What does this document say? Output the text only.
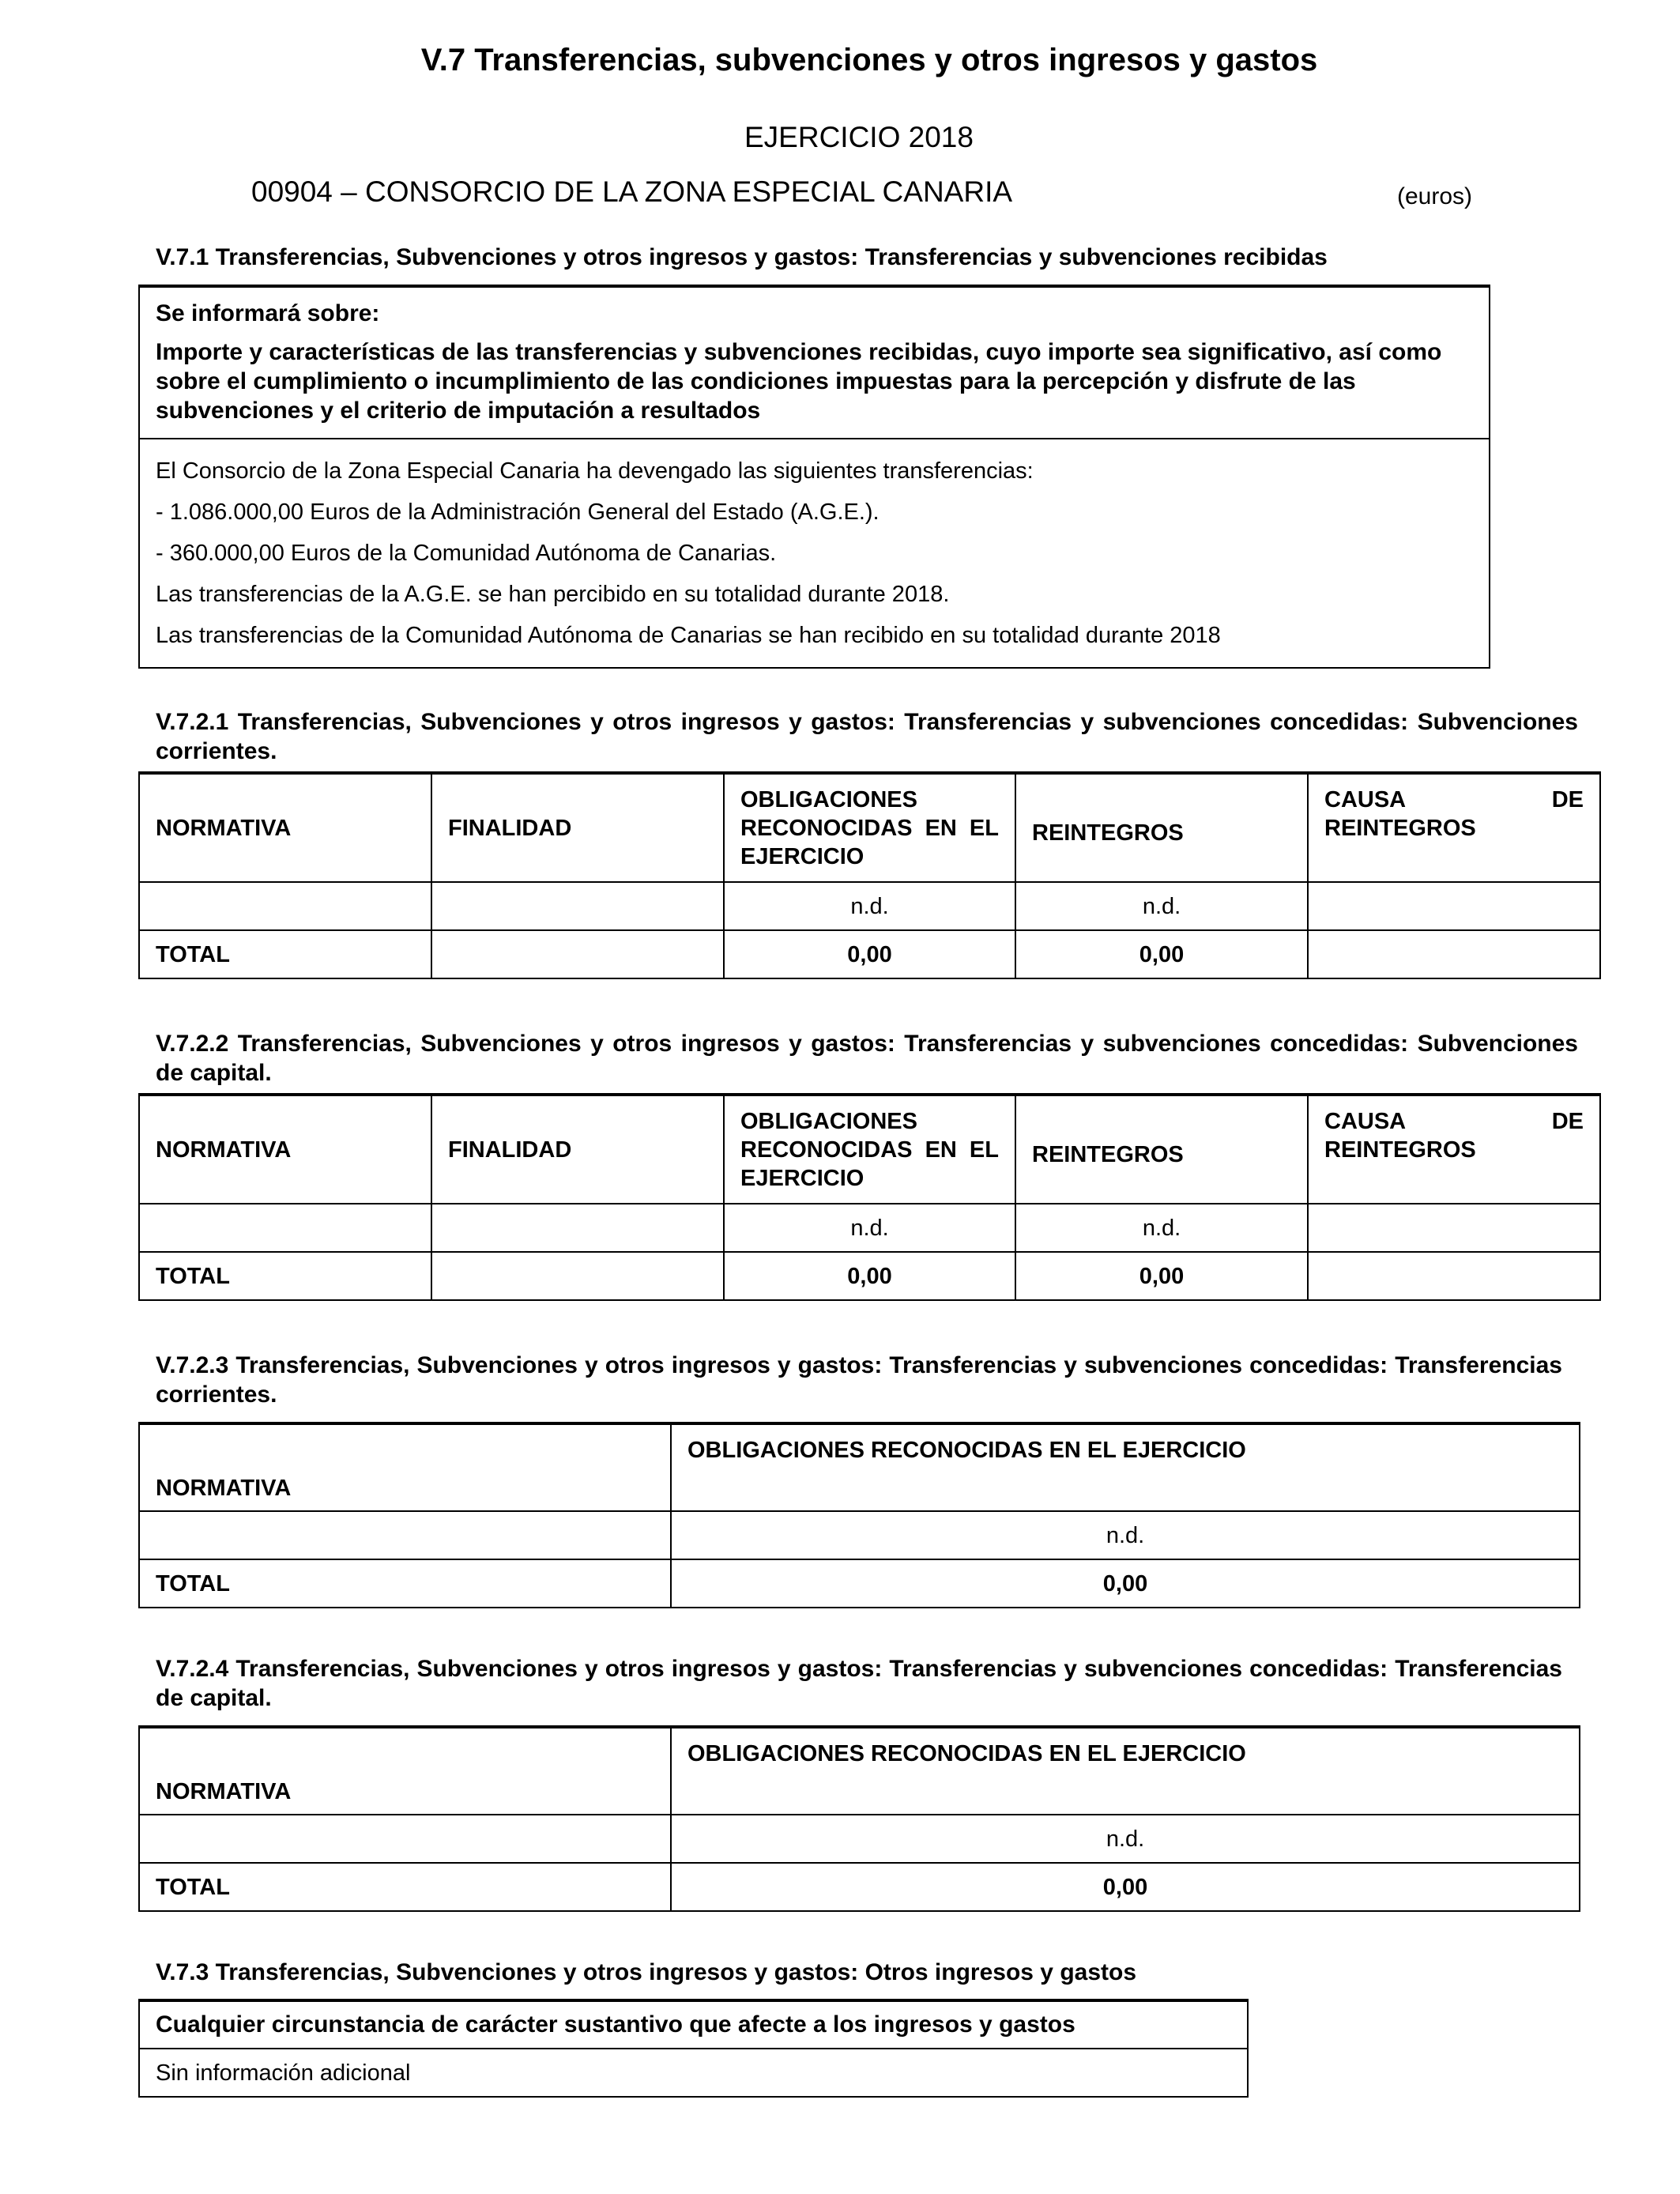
V.7 Transferencias, subvenciones y otros ingresos y gastos
EJERCICIO 2018
00904 – CONSORCIO DE LA ZONA ESPECIAL CANARIA	(euros)
V.7.1 Transferencias, Subvenciones y otros ingresos y gastos: Transferencias y subvenciones recibidas

Se informará sobre:

Importe y características de las transferencias y subvenciones recibidas, cuyo importe sea significativo, así como sobre el cumplimiento o incumplimiento de las condiciones impuestas para la percepción y disfrute de las subvenciones y el criterio de imputación a resultados

El Consorcio de la Zona Especial Canaria ha devengado las siguientes transferencias:

- 1.086.000,00 Euros de la Administración General del Estado (A.G.E.).

- 360.000,00 Euros de la Comunidad Autónoma de Canarias.

Las transferencias de la A.G.E. se han percibido en su totalidad durante 2018.

Las transferencias de la Comunidad Autónoma de Canarias se han recibido en su totalidad durante 2018

V.7.2.1 Transferencias, Subvenciones y otros ingresos y gastos: Transferencias y subvenciones concedidas: Subvenciones corrientes.
NORMATIVA	FINALIDAD	OBLIGACIONES RECONOCIDAS EN EL EJERCICIO	REINTEGROS	CAUSA DE REINTEGROS
		n.d.	n.d.	
TOTAL		0,00	0,00	
V.7.2.2 Transferencias, Subvenciones y otros ingresos y gastos: Transferencias y subvenciones concedidas: Subvenciones de capital.
NORMATIVA	FINALIDAD	OBLIGACIONES RECONOCIDAS EN EL EJERCICIO	REINTEGROS	CAUSA DE REINTEGROS
		n.d.	n.d.	
TOTAL		0,00	0,00	
V.7.2.3 Transferencias, Subvenciones y otros ingresos y gastos: Transferencias y subvenciones concedidas: Transferencias corrientes.
NORMATIVA	OBLIGACIONES RECONOCIDAS EN EL EJERCICIO
	n.d.
TOTAL	0,00
V.7.2.4 Transferencias, Subvenciones y otros ingresos y gastos: Transferencias y subvenciones concedidas: Transferencias de capital.
NORMATIVA	OBLIGACIONES RECONOCIDAS EN EL EJERCICIO
	n.d.
TOTAL	0,00
V.7.3 Transferencias, Subvenciones y otros ingresos y gastos: Otros ingresos y gastos
Cualquier circunstancia de carácter sustantivo que afecte a los ingresos y gastos
Sin información adicional
